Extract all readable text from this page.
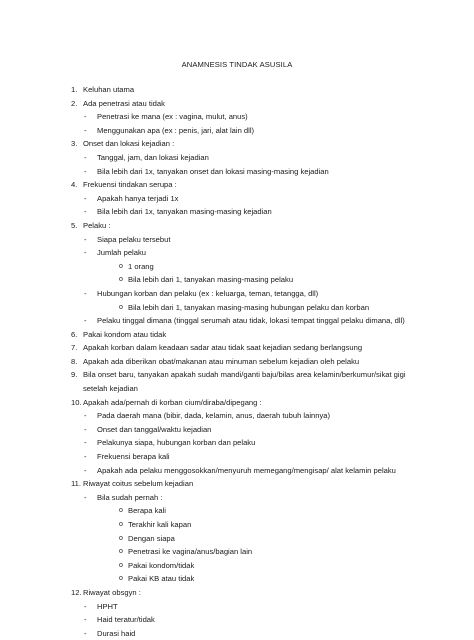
ANAMNESIS TINDAK ASUSILA
1. Keluhan utama
2. Ada penetrasi atau tidak
- Penetrasi ke mana (ex : vagina, mulut, anus)
- Menggunakan apa (ex : penis, jari, alat lain dll)
3. Onset dan lokasi kejadian :
- Tanggal, jam, dan lokasi kejadian
- Bila lebih dari 1x, tanyakan onset dan lokasi masing-masing kejadian
4. Frekuensi tindakan serupa :
- Apakah hanya terjadi 1x
- Bila lebih dari 1x, tanyakan masing-masing kejadian
5. Pelaku :
- Siapa pelaku tersebut
- Jumlah pelaku
o 1 orang
o Bila lebih dari 1, tanyakan masing-masing pelaku
- Hubungan korban dan pelaku (ex : keluarga, teman, tetangga, dll)
o Bila lebih dari 1, tanyakan masing-masing hubungan pelaku dan korban
- Pelaku tinggal dimana (tinggal serumah atau tidak, lokasi tempat tinggal pelaku dimana, dll)
6. Pakai kondom atau tidak
7. Apakah korban dalam keadaan sadar atau tidak saat kejadian sedang berlangsung
8. Apakah ada diberikan obat/makanan atau minuman sebelum kejadian oleh pelaku
9. Bila onset baru, tanyakan apakah sudah mandi/ganti baju/bilas area kelamin/berkumur/sikat gigi setelah kejadian
10. Apakah ada/pernah di korban cium/diraba/dipegang :
- Pada daerah mana (bibir, dada, kelamin, anus, daerah tubuh lainnya)
- Onset dan tanggal/waktu kejadian
- Pelakunya siapa, hubungan korban dan pelaku
- Frekuensi berapa kali
- Apakah ada pelaku menggosokkan/menyuruh memegang/mengisap/ alat kelamin pelaku
11. Riwayat coitus sebelum kejadian
- Bila sudah pernah :
o Berapa kali
o Terakhir kali kapan
o Dengan siapa
o Penetrasi ke vagina/anus/bagian lain
o Pakai kondom/tidak
o Pakai KB atau tidak
12. Riwayat obsgyn :
- HPHT
- Haid teratur/tidak
- Durasi haid
